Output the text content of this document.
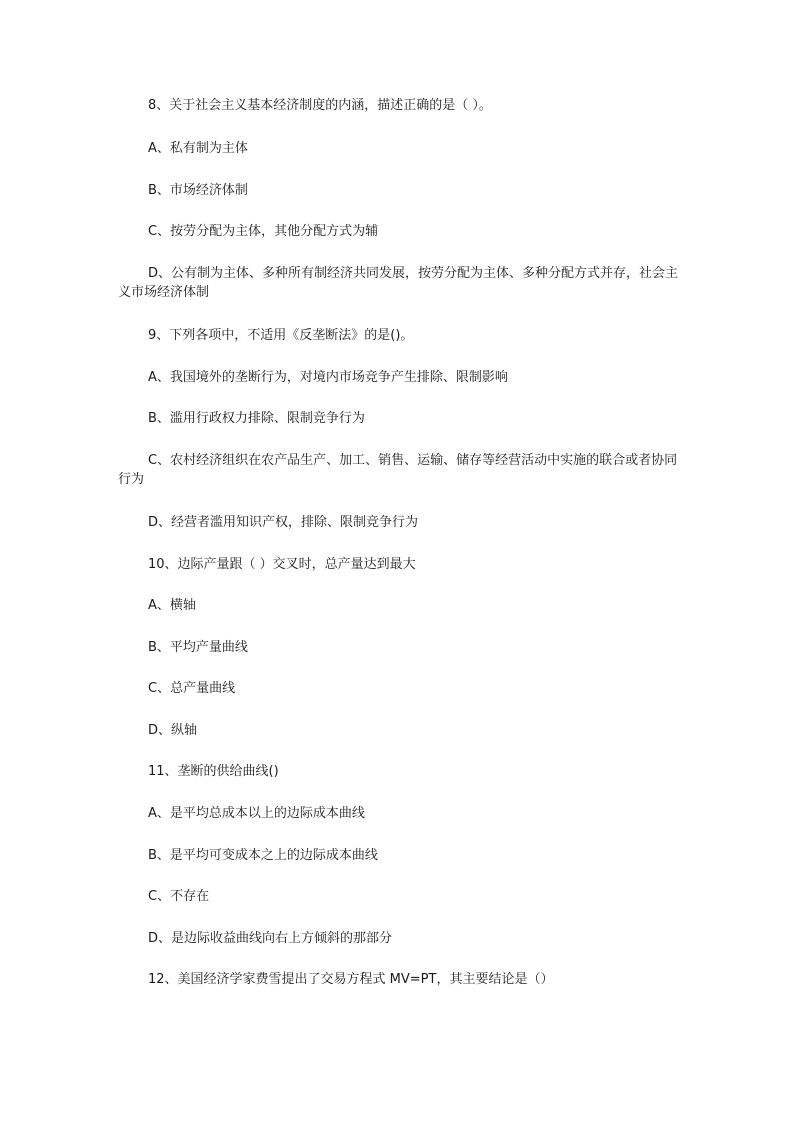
8、关于社会主义基本经济制度的内涵，描述正确的是（ ）。
A、私有制为主体
B、市场经济体制
C、按劳分配为主体，其他分配方式为辅
D、公有制为主体、多种所有制经济共同发展，按劳分配为主体、多种分配方式并存，社会主义市场经济体制
9、下列各项中，不适用《反垄断法》的是()。
A、我国境外的垄断行为，对境内市场竞争产生排除、限制影响
B、滥用行政权力排除、限制竞争行为
C、农村经济组织在农产品生产、加工、销售、运输、储存等经营活动中实施的联合或者协同行为
D、经营者滥用知识产权，排除、限制竞争行为
10、边际产量跟（ ）交叉时，总产量达到最大
A、横轴
B、平均产量曲线
C、总产量曲线
D、纵轴
11、垄断的供给曲线()
A、是平均总成本以上的边际成本曲线
B、是平均可变成本之上的边际成本曲线
C、不存在
D、是边际收益曲线向右上方倾斜的那部分
12、美国经济学家费雪提出了交易方程式 MV=PT，其主要结论是（）
